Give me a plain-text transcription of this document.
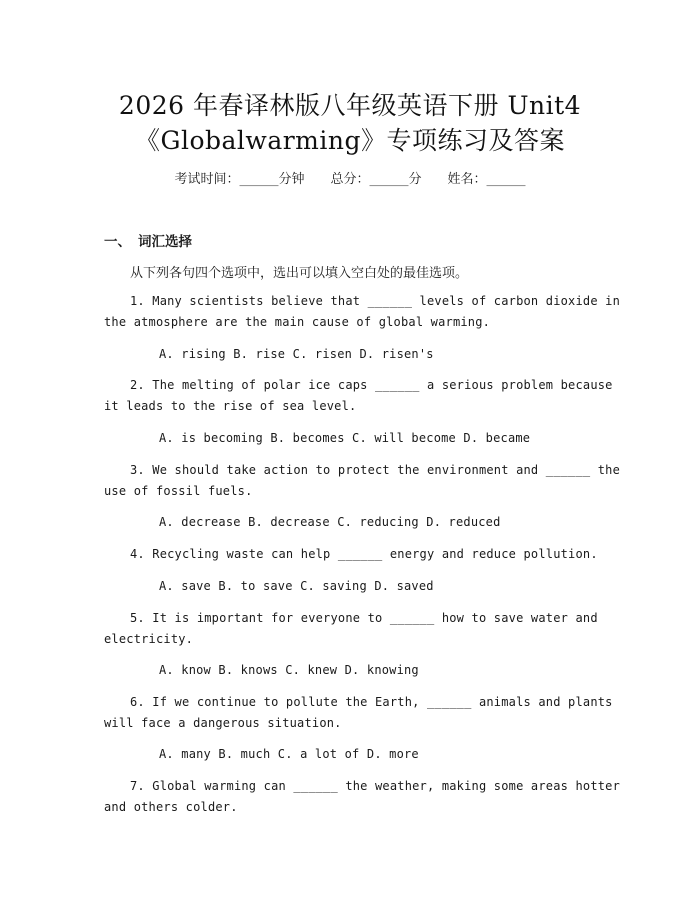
2026 年春译林版八年级英语下册 Unit4
《Globalwarming》专项练习及答案
考试时间：______分钟 总分：______分 姓名：______
一、 词汇选择
从下列各句四个选项中，选出可以填入空白处的最佳选项。
1. Many scientists believe that ______ levels of carbon dioxide in
the atmosphere are the main cause of global warming.
A. rising B. rise C. risen D. risen's
2. The melting of polar ice caps ______ a serious problem because
it leads to the rise of sea level.
A. is becoming B. becomes C. will become D. became
3. We should take action to protect the environment and ______ the
use of fossil fuels.
A. decrease B. decrease C. reducing D. reduced
4. Recycling waste can help ______ energy and reduce pollution.
A. save B. to save C. saving D. saved
5. It is important for everyone to ______ how to save water and
electricity.
A. know B. knows C. knew D. knowing
6. If we continue to pollute the Earth, ______ animals and plants
will face a dangerous situation.
A. many B. much C. a lot of D. more
7. Global warming can ______ the weather, making some areas hotter
and others colder.
